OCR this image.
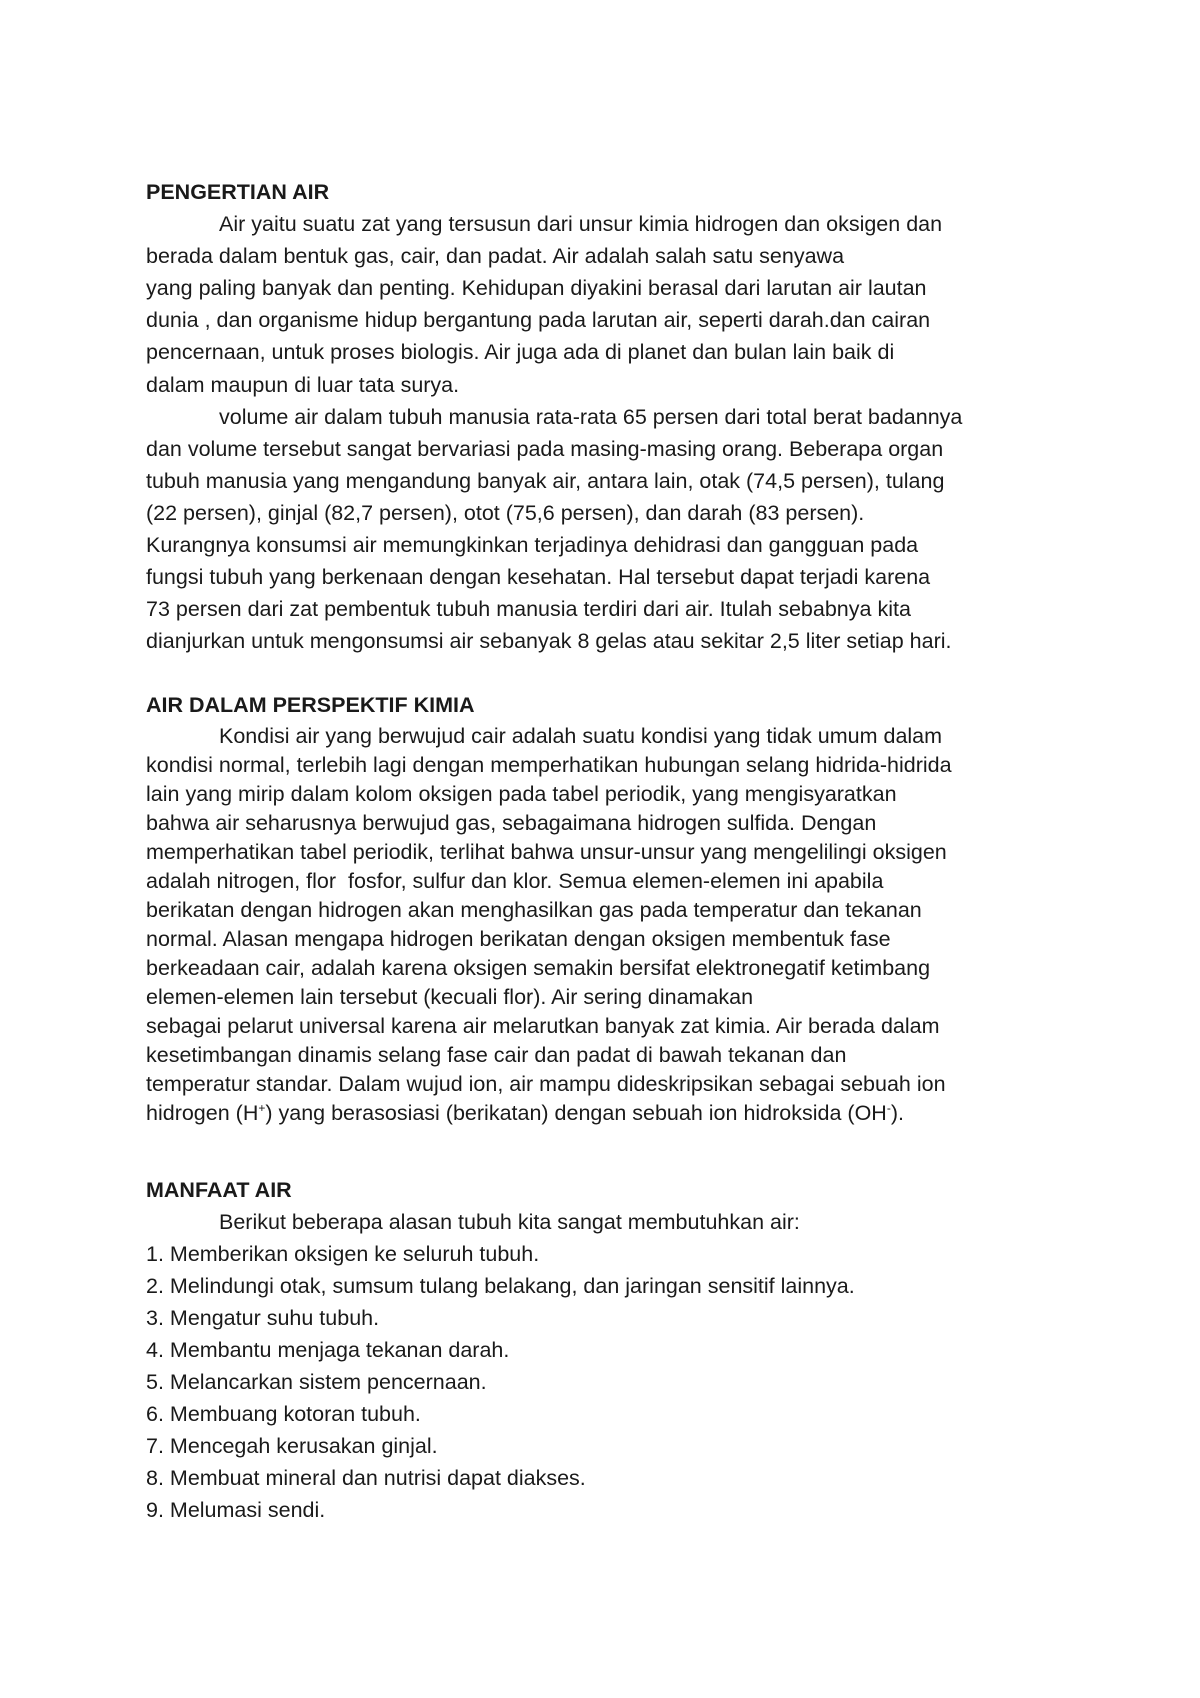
PENGERTIAN AIR

Air yaitu suatu zat yang tersusun dari unsur kimia hidrogen dan oksigen dan

berada dalam bentuk gas, cair, dan padat. Air adalah salah satu senyawa

yang paling banyak dan penting. Kehidupan diyakini berasal dari larutan air lautan

dunia , dan organisme hidup bergantung pada larutan air, seperti darah.dan cairan

pencernaan, untuk proses biologis. Air juga ada di planet dan bulan lain baik di

dalam maupun di luar tata surya.

volume air dalam tubuh manusia rata-rata 65 persen dari total berat badannya

dan volume tersebut sangat bervariasi pada masing-masing orang. Beberapa organ

tubuh manusia yang mengandung banyak air, antara lain, otak (74,5 persen), tulang

(22 persen), ginjal (82,7 persen), otot (75,6 persen), dan darah (83 persen).

Kurangnya konsumsi air memungkinkan terjadinya dehidrasi dan gangguan pada

fungsi tubuh yang berkenaan dengan kesehatan. Hal tersebut dapat terjadi karena

73 persen dari zat pembentuk tubuh manusia terdiri dari air. Itulah sebabnya kita

dianjurkan untuk mengonsumsi air sebanyak 8 gelas atau sekitar 2,5 liter setiap hari.

AIR DALAM PERSPEKTIF KIMIA

Kondisi air yang berwujud cair adalah suatu kondisi yang tidak umum dalam

kondisi normal, terlebih lagi dengan memperhatikan hubungan selang hidrida-hidrida

lain yang mirip dalam kolom oksigen pada tabel periodik, yang mengisyaratkan

bahwa air seharusnya berwujud gas, sebagaimana hidrogen sulfida. Dengan

memperhatikan tabel periodik, terlihat bahwa unsur-unsur yang mengelilingi oksigen

adalah nitrogen, flor  fosfor, sulfur dan klor. Semua elemen-elemen ini apabila

berikatan dengan hidrogen akan menghasilkan gas pada temperatur dan tekanan

normal. Alasan mengapa hidrogen berikatan dengan oksigen membentuk fase

berkeadaan cair, adalah karena oksigen semakin bersifat elektronegatif ketimbang

elemen-elemen lain tersebut (kecuali flor). Air sering dinamakan

sebagai pelarut universal karena air melarutkan banyak zat kimia. Air berada dalam

kesetimbangan dinamis selang fase cair dan padat di bawah tekanan dan

temperatur standar. Dalam wujud ion, air mampu dideskripsikan sebagai sebuah ion

hidrogen (H+) yang berasosiasi (berikatan) dengan sebuah ion hidroksida (OH-).

MANFAAT AIR

Berikut beberapa alasan tubuh kita sangat membutuhkan air:

1. Memberikan oksigen ke seluruh tubuh.

2. Melindungi otak, sumsum tulang belakang, dan jaringan sensitif lainnya.

3. Mengatur suhu tubuh.

4. Membantu menjaga tekanan darah.

5. Melancarkan sistem pencernaan.

6. Membuang kotoran tubuh.

7. Mencegah kerusakan ginjal.

8. Membuat mineral dan nutrisi dapat diakses.

9. Melumasi sendi.
